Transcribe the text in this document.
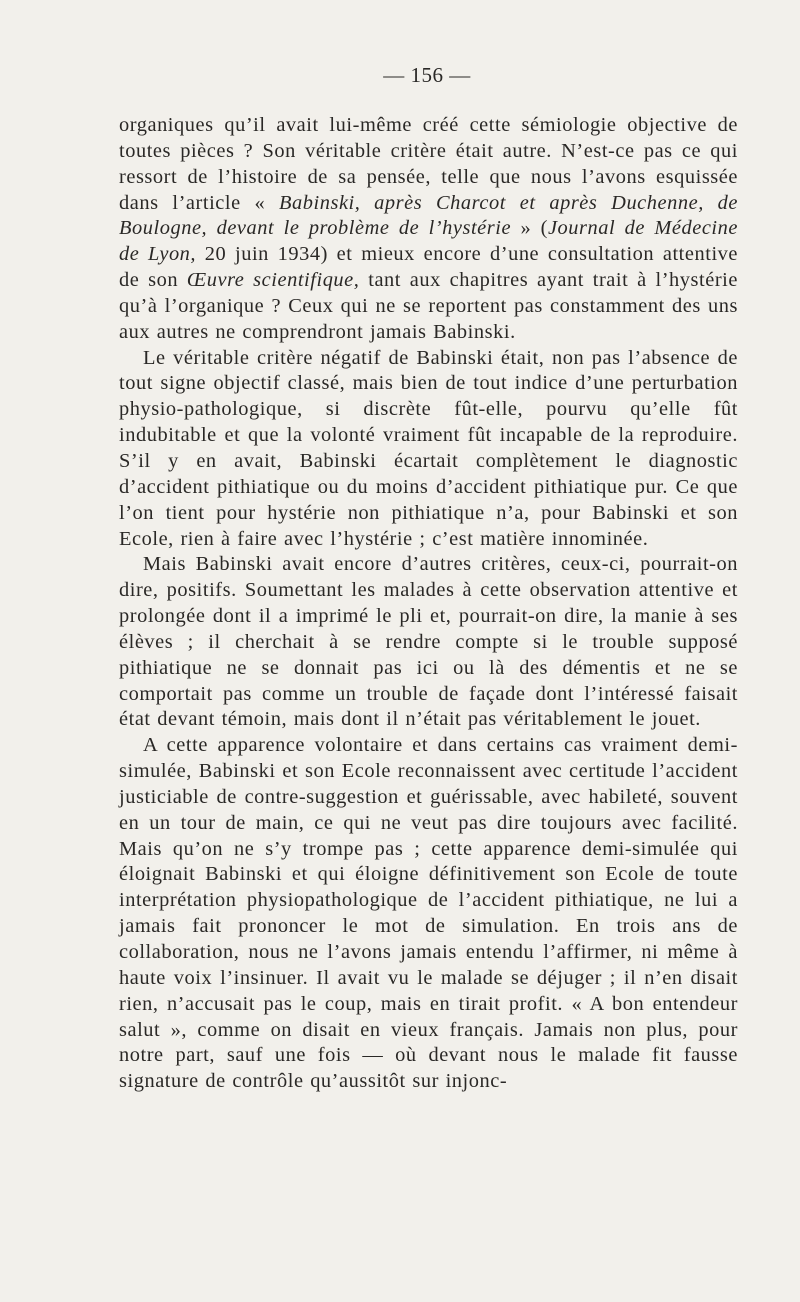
— 156 —

organiques qu’il avait lui-même créé cette sémiologie objective de toutes pièces ? Son véritable critère était autre. N’est-ce pas ce qui ressort de l’histoire de sa pensée, telle que nous l’avons esquissée dans l’article « Babinski, après Charcot et après Duchenne, de Boulogne, devant le problème de l’hystérie » (Journal de Médecine de Lyon, 20 juin 1934) et mieux encore d’une consultation attentive de son Œuvre scientifique, tant aux chapitres ayant trait à l’hystérie qu’à l’organique ? Ceux qui ne se reportent pas constamment des uns aux autres ne comprendront jamais Babinski.

Le véritable critère négatif de Babinski était, non pas l’absence de tout signe objectif classé, mais bien de tout indice d’une perturbation physio-pathologique, si discrète fût-elle, pourvu qu’elle fût indubitable et que la volonté vraiment fût incapable de la reproduire. S’il y en avait, Babinski écartait complètement le diagnostic d’accident pithiatique ou du moins d’accident pithiatique pur. Ce que l’on tient pour hystérie non pithiatique n’a, pour Babinski et son Ecole, rien à faire avec l’hystérie ; c’est matière innominée.

Mais Babinski avait encore d’autres critères, ceux-ci, pourrait-on dire, positifs. Soumettant les malades à cette observation attentive et prolongée dont il a imprimé le pli et, pourrait-on dire, la manie à ses élèves ; il cherchait à se rendre compte si le trouble supposé pithiatique ne se donnait pas ici ou là des démentis et ne se comportait pas comme un trouble de façade dont l’intéressé faisait état devant témoin, mais dont il n’était pas véritablement le jouet.

A cette apparence volontaire et dans certains cas vraiment demi-simulée, Babinski et son Ecole reconnaissent avec certitude l’accident justiciable de contre-suggestion et guérissable, avec habileté, souvent en un tour de main, ce qui ne veut pas dire toujours avec facilité. Mais qu’on ne s’y trompe pas ; cette apparence demi-simulée qui éloignait Babinski et qui éloigne définitivement son Ecole de toute interprétation physiopathologique de l’accident pithiatique, ne lui a jamais fait prononcer le mot de simulation. En trois ans de collaboration, nous ne l’avons jamais entendu l’affirmer, ni même à haute voix l’insinuer. Il avait vu le malade se déjuger ; il n’en disait rien, n’accusait pas le coup, mais en tirait profit. « A bon entendeur salut », comme on disait en vieux français. Jamais non plus, pour notre part, sauf une fois — où devant nous le malade fit fausse signature de contrôle qu’aussitôt sur injonc-
